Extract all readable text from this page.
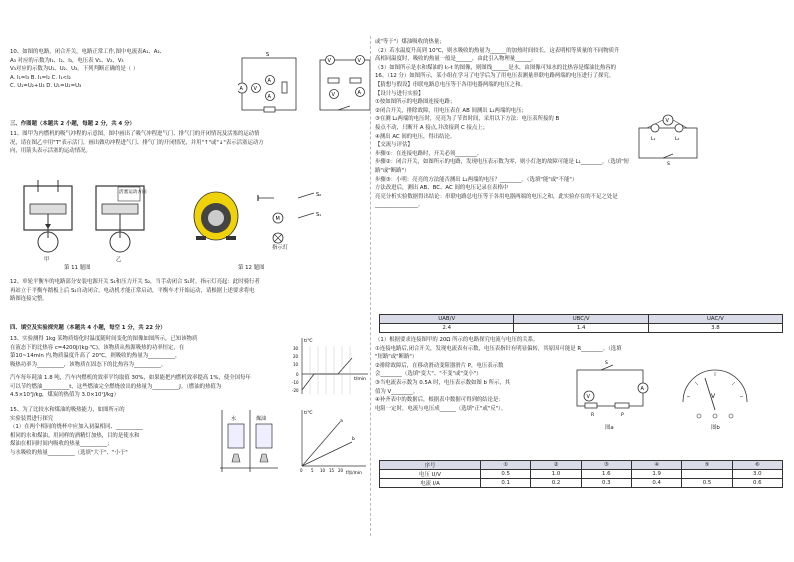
10、如图的电路，闭合开关，电路正常工作,图中电流表A₁、A₂、
A₃ 对应的示数为I₁、I₂、I₃，电压表 V₁、V₂、V₃
V₃对应的示数为U₁、U₂、U₃。下列判断正确的是（ ）
A. I₁=I₃ B. I₁=I₂ C. I₁<I₂
C. U₁=U₂+U₃ D. U₁=U₂=U₃	A
A
A
V
S
V	V
A
V
三、作图题（本题共 2 小题，每题 2 分，共 4 分）
11、图甲为内燃机的吸气冲程的示意图，图中画出了吸气冲程进气门、排气门的开闭情况及活塞的运动情
况，请在图乙中用"T"表示活门，画出做功冲程进气门、排气门的开闭情况，并用"↑"或"↓"表示活塞运动方
向，用箭头表示活塞的运动情况。
甲
活塞运动方向
乙
第 11 题图
M
S₂
S₁
指示灯
第 12 题图
12、单轮平衡车的电路部分安装电源开关 S₁和压力开关 S₂，当手动闭合 S₁时，指示灯亮起：此时骑行者
再站立于平衡车踏板上后 S₂自动闭合，电动机才能正常启动，平衡车才开始运动，请根据上述要求将电
路图连接完整。
四、填空及实验探究题（本题共 4 小题，每空 1 分，共 22 分）
13、实验测得 1kg 某物质熔化时温度随时间变化的图像如图所示，已知该物质
在液态下的比热容 c=4200J/(kg·℃)，该物质从热源吸热的功率恒定，在
第10~14min 内,物质温度升高了 20℃，则吸收的热量为__________，
吸热功率为__________，该物质在固态下的比热容为__________。
t/℃
t/min
30
20
10
0
-10
-20
汽车每年耗油 1.8 吨，汽车内燃机的效率平均取值 30%，如果能把内燃机效率提高 1%，使全国每年
可以节约燃油__________t，这些燃油完全燃烧放出的热量为__________J。（燃油的热值为
4.5×10⁷J/kg，煤炭的热值为 3.0×10⁷J/kg）
15、为了比较水和煤油的吸热能力，如图所示的
实验装置进行探究
（1）在两个相同的烧杯中应加入初温相同、__________
相同的水和煤油。用同样的酒精灯加热，目的是使水和
煤油在相同时间内吸收的热量__________；
与水吸收的热量__________（选填"大于"、"小于"
水	煤油
t/℃
t加/min
a
b
0 5 10 15 20
或"等于"）煤油吸收的热量；
（2）若水温度升高到 10℃，则水吸收的热量为______的加热时间较长，这表明相等质量的不同物质升
高相同温度时，吸收的热量一般是______，由此引入物理量______。
（3）如图所示是水和煤油的 I₀-t 的图像，则图线______是水，由图像可知水的比热容是煤油比热容的
16、（12 分）如图所示，某小组在学习了电学后为了用电压表测量串联电路两端的电压进行了探究。
【猜想与假设】串联电路总电压等于各用电器两端的电压之和。
【设计与进行实验】
①按如图所示的电路图连接电路；
②闭合开关，排除故障，用电压表在 AB 间测出 L₁两端的电压；
③在测 L₂两端的电压时，亮亮为了节省时间，采用以下方法：电压表所接的 B
接点不动，只断开 A 接点,并改接到 C 接点上；
④测出 AC 间的电压，得出结论。
【交流与评估】
步骤①：在连接电路时，开关必须________。
步骤②：闭合开关，如图所示的电路，发现电压表示数为零，则小灯泡的故障可能是 L₁________。（选填"短
路"或"断路"）
步骤③：小明：亮亮的方法能否测出 L₂两端的电压？________。（选填"能"或"不能"）
方法改进后，测出 AB、BC、AC 间的电压记录在表格中
亮亮分析实验数据得出结论：串联电路总电压等于各用电器两端的电压之和，此实验存在的不足之处是
________________。
V
L₁	L₂
S
UAB/V	UBC/V	UAC/V
2.4	1.4	3.8
（1）根据要求连接图甲的 20Ω 所示的电路探究电流与电压的关系。
①连接电路后,闭合开关，发现电流表有示数，电压表指针有明显偏转，其原因可能是 R________。（选填
"短路"或"断路"）
②排除故障后，在移动滑动变阻器滑片 P，电压表示数
会________（选填"变大"、"不变"或"变小"）
③当电流表示数为 0.5A 时，电压表示数如图 b 所示，其
值为 V________。
④补齐表中的数据后，根据表中数据可得到的结论是：
电阻一定时，电流与电压成______（选填"正"或"反"）。
S
A
V
R	P
图a
V
图b
序号	①	②	③	④	⑤	⑥
电压 U/V	0.5	1.0	1.6	1.9		3.0
电流 I/A	0.1	0.2	0.3	0.4	0.5	0.6
